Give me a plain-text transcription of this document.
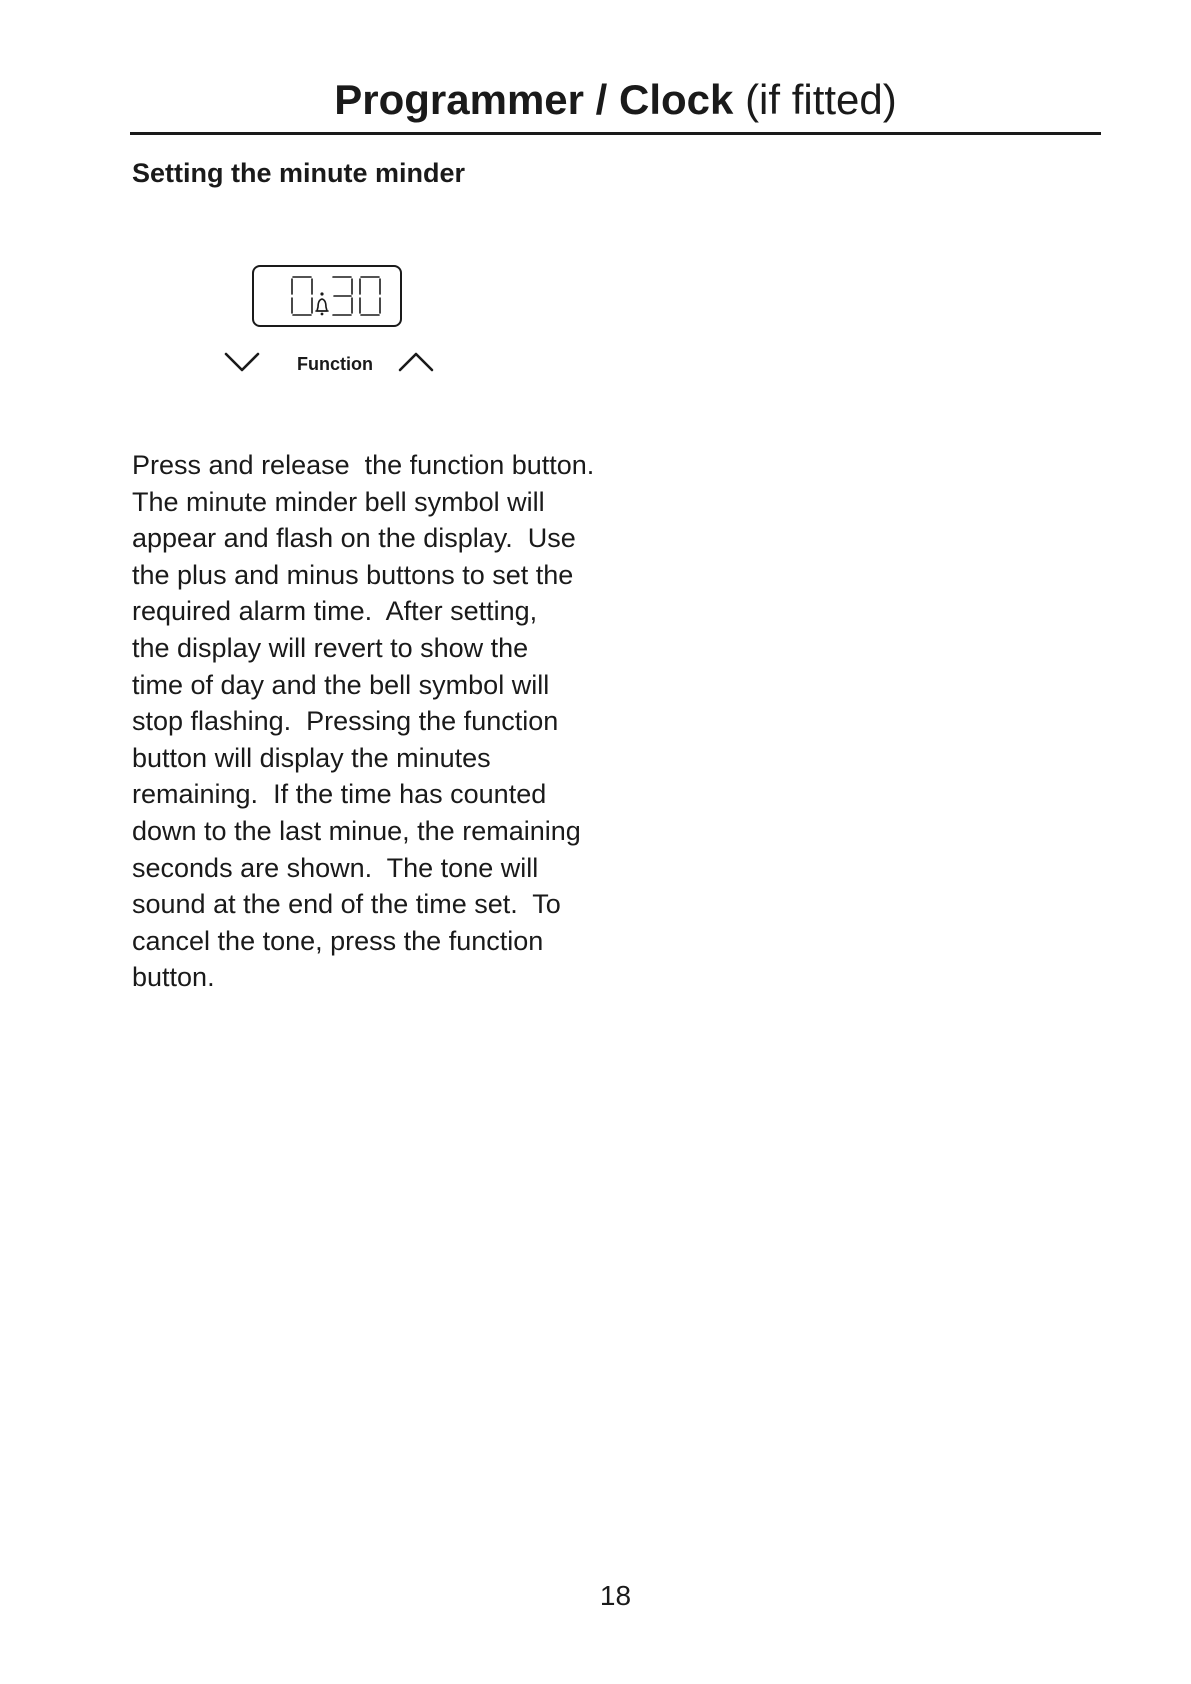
Programmer / Clock (if fitted)
Setting the minute minder
Function
Press and release  the function button.
The minute minder bell symbol will
appear and flash on the display.  Use
the plus and minus buttons to set the
required alarm time.  After setting,
the display will revert to show the
time of day and the bell symbol will
stop flashing.  Pressing the function
button will display the minutes
remaining.  If the time has counted
down to the last minue, the remaining
seconds are shown.  The tone will
sound at the end of the time set.  To
cancel the tone, press the function
button.
18
